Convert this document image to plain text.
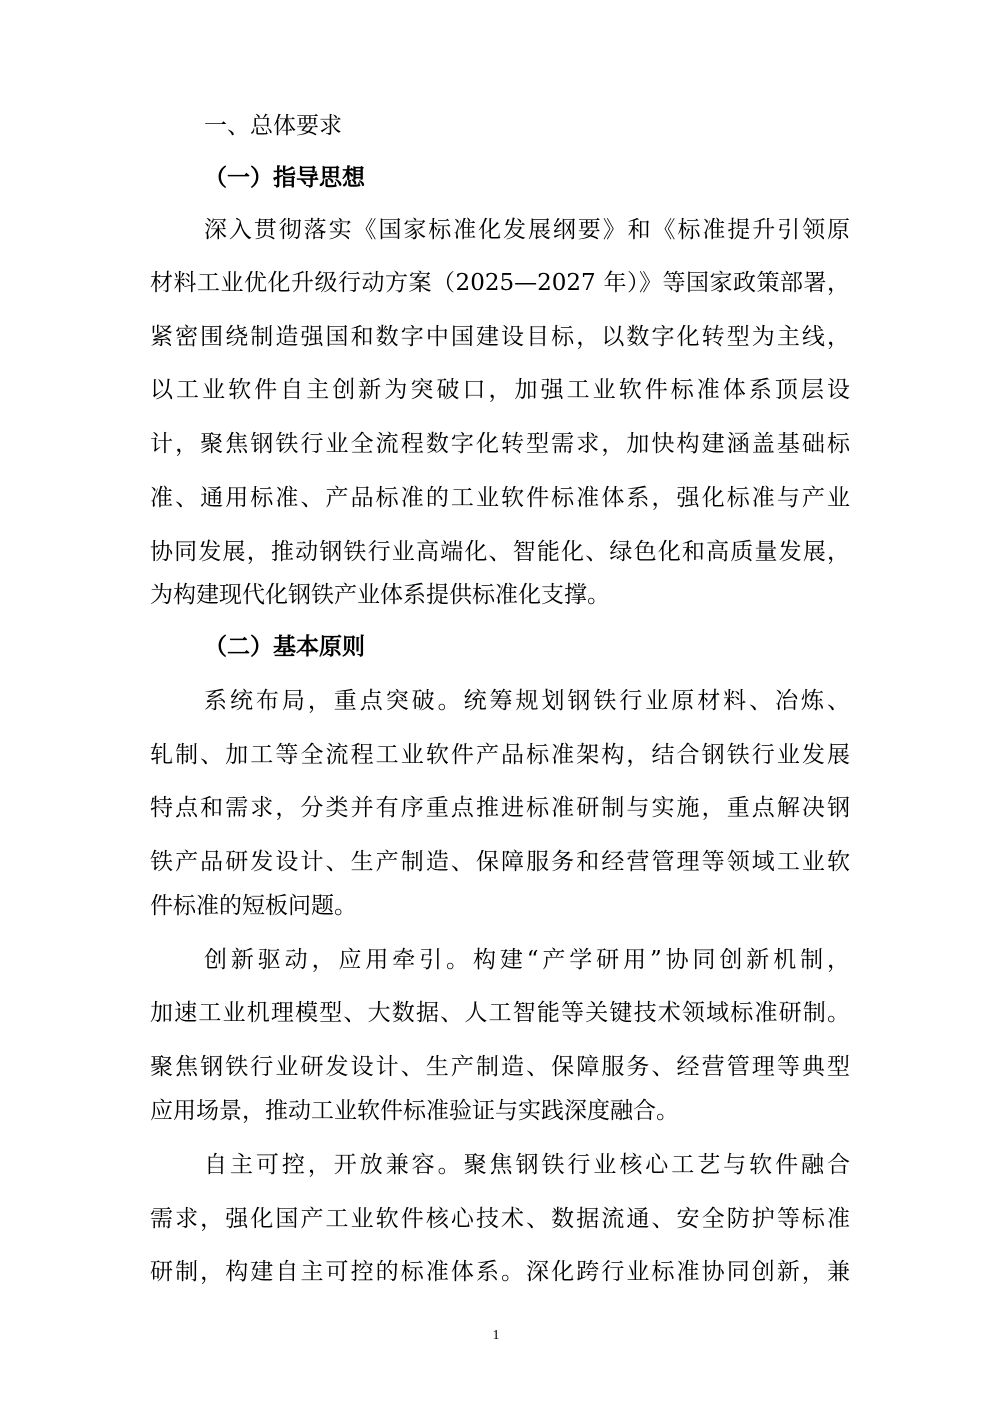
一、总体要求
（一）指导思想
深入贯彻落实《国家标准化发展纲要》和《标准提升引领原
材料工业优化升级行动方案（2025—2027 年）》等国家政策部署，
紧密围绕制造强国和数字中国建设目标，以数字化转型为主线，
以工业软件自主创新为突破口，加强工业软件标准体系顶层设
计，聚焦钢铁行业全流程数字化转型需求，加快构建涵盖基础标
准、通用标准、产品标准的工业软件标准体系，强化标准与产业
协同发展，推动钢铁行业高端化、智能化、绿色化和高质量发展，
为构建现代化钢铁产业体系提供标准化支撑。
（二）基本原则
系统布局，重点突破。统筹规划钢铁行业原材料、冶炼、
轧制、加工等全流程工业软件产品标准架构，结合钢铁行业发展
特点和需求，分类并有序重点推进标准研制与实施，重点解决钢
铁产品研发设计、生产制造、保障服务和经营管理等领域工业软
件标准的短板问题。
创新驱动，应用牵引。构建“产学研用”协同创新机制，
加速工业机理模型、大数据、人工智能等关键技术领域标准研制。
聚焦钢铁行业研发设计、生产制造、保障服务、经营管理等典型
应用场景，推动工业软件标准验证与实践深度融合。
自主可控，开放兼容。聚焦钢铁行业核心工艺与软件融合
需求，强化国产工业软件核心技术、数据流通、安全防护等标准
研制，构建自主可控的标准体系。深化跨行业标准协同创新，兼
1
